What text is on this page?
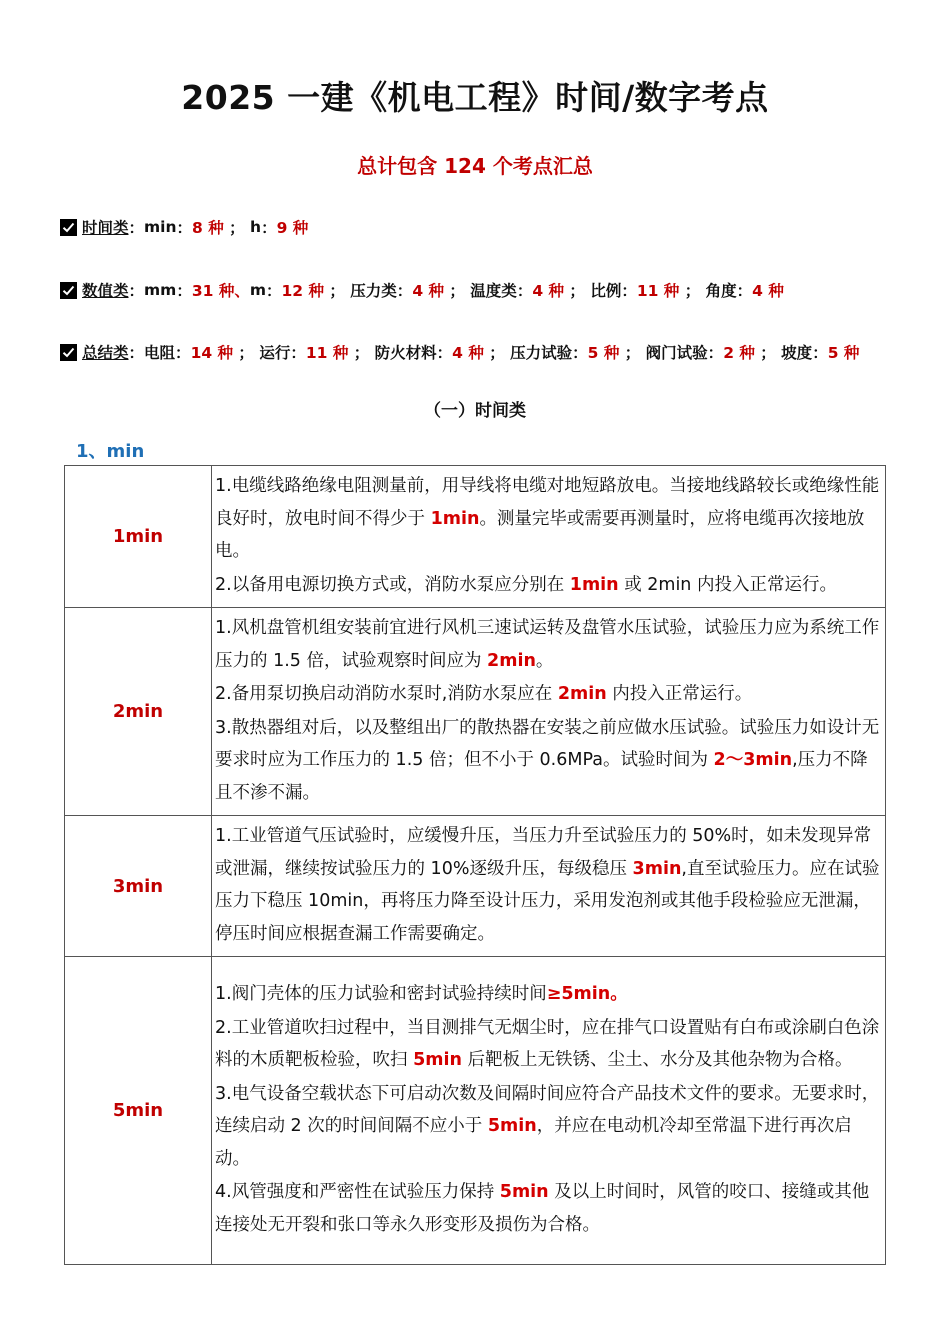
2025 一建《机电工程》时间/数字考点
总计包含 124 个考点汇总
时间类 ： min ： 8 种 ； h ： 9 种
数值类 ： mm ： 31 种 、 m ： 12 种 ； 压力类 ： 4 种 ； 温度类 ： 4 种 ； 比例 ： 11 种 ； 角度 ： 4 种
总结类 ： 电阻 ： 14 种 ； 运行 ： 11 种 ； 防火材料 ： 4 种 ； 压力试验 ： 5 种 ； 阀门试验 ： 2 种 ； 坡度 ： 5 种
（一）时间类
1、min
1min	1.电缆线路绝缘电阻测量前，用导线将电缆对地短路放电。当接地线路较长或绝缘性能良好时，放电时间不得少于 1min。测量完毕或需要再测量时，应将电缆再次接地放电。

2.以备用电源切换方式或，消防水泵应分别在 1min 或 2min 内投入正常运行。

2min	1.风机盘管机组安装前宜进行风机三速试运转及盘管水压试验，试验压力应为系统工作压力的 1.5 倍，试验观察时间应为 2min。

2.备用泵切换启动消防水泵时,消防水泵应在 2min 内投入正常运行。

3.散热器组对后，以及整组出厂的散热器在安装之前应做水压试验。试验压力如设计无要求时应为工作压力的 1.5 倍；但不小于 0.6MPa。试验时间为 2～3min,压力不降且不渗不漏。

3min	1.工业管道气压试验时，应缓慢升压，当压力升至试验压力的 50%时，如未发现异常或泄漏，继续按试验压力的 10%逐级升压，每级稳压 3min,直至试验压力。应在试验压力下稳压 10min，再将压力降至设计压力，采用发泡剂或其他手段检验应无泄漏，停压时间应根据查漏工作需要确定。

5min	1.阀门壳体的压力试验和密封试验持续时间≥5min。

2.工业管道吹扫过程中，当目测排气无烟尘时，应在排气口设置贴有白布或涂刷白色涂料的木质靶板检验，吹扫 5min 后靶板上无铁锈、尘土、水分及其他杂物为合格。

3.电气设备空载状态下可启动次数及间隔时间应符合产品技术文件的要求。无要求时，连续启动 2 次的时间间隔不应小于 5min，并应在电动机冷却至常温下进行再次启动。

4.风管强度和严密性在试验压力保持 5min 及以上时间时，风管的咬口、接缝或其他连接处无开裂和张口等永久形变形及损伤为合格。
